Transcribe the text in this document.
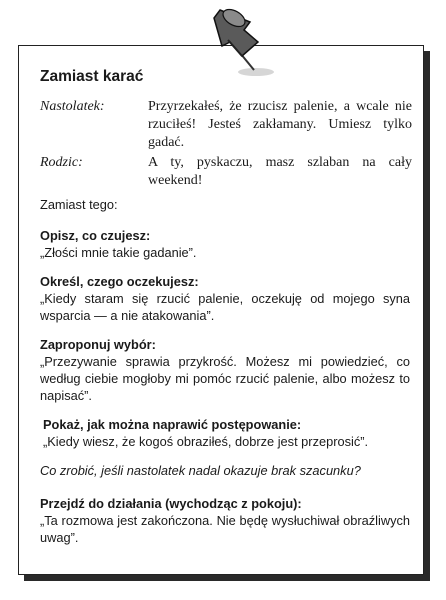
Zamiast karać
Nastolatek:	Przyrzekałeś, że rzucisz palenie, a wcale nie rzuciłeś! Jesteś zakłamany. Umiesz tylko gadać.
Rodzic:	A ty, pyskaczu, masz szlaban na cały weekend!
Zamiast tego:
Opisz, co czujesz:
„Złości mnie takie gadanie”.
Określ, czego oczekujesz:
„Kiedy staram się rzucić palenie, oczekuję od mojego syna wsparcia — a nie atakowania”.
Zaproponuj wybór:
„Przezywanie sprawia przykrość. Możesz mi powiedzieć, co według ciebie mogłoby mi pomóc rzucić palenie, albo możesz to napisać”.
Pokaż, jak można naprawić postępowanie:
„Kiedy wiesz, że kogoś obraziłeś, dobrze jest przeprosić”.
Co zrobić, jeśli nastolatek nadal okazuje brak szacunku?
Przejdź do działania (wychodząc z pokoju):
„Ta rozmowa jest zakończona. Nie będę wysłuchiwał obraźliwych uwag”.
